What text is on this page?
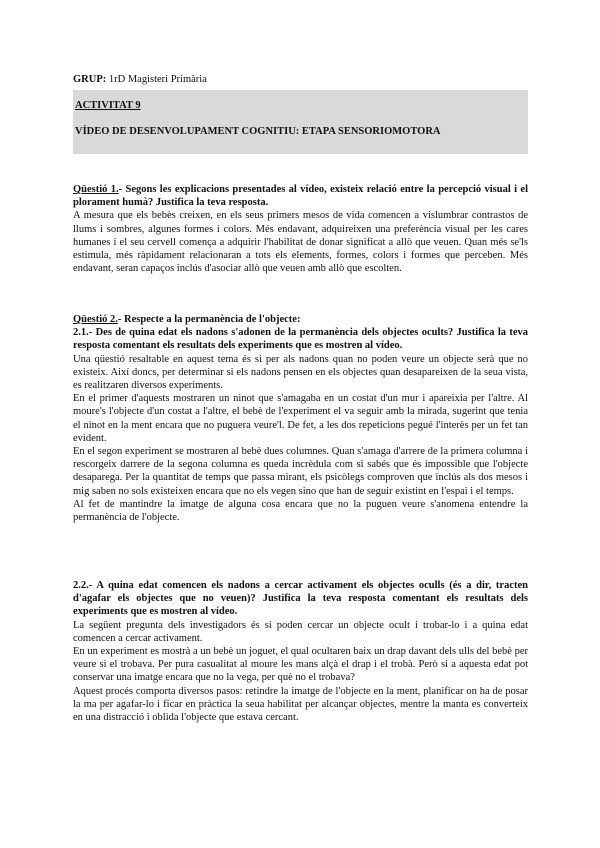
GRUP: 1rD Magisteri Primària
ACTIVITAT 9
VÍDEO DE DESENVOLUPAMENT COGNITIU: ETAPA SENSORIOMOTORA

Qüestió 1.- Segons les explicacions presentades al vídeo, existeix relació entre la percepció visual i el plorament humà? Justifica la teva resposta.

A mesura que els bebès creixen, en els seus primers mesos de vida comencen a vislumbrar contrastos de llums i sombres, algunes formes i colors. Més endavant, adquireixen una preferència visual per les cares humanes i el seu cervell comença a adquirir l'habilitat de donar significat a allò que veuen. Quan més se'ls estimula, més ràpidament relacionaran a tots els elements, formes, colors i formes que perceben. Més endavant, seran capaços inclús d'asociar allò que veuen amb allò que escolten.

Qüestió 2.- Respecte a la permanència de l'objecte:

2.1.- Des de quina edat els nadons s'adonen de la permanència dels objectes ocults? Justifica la teva resposta comentant els resultats dels experiments que es mostren al vídeo.

Una qüestió resaltable en aquest tema és si per als nadons quan no poden veure un objecte serà que no existeix. Així doncs, per determinar si els nadons pensen en els objectes quan desapareixen de la seua vista, es realitzaren diversos experiments.

En el primer d'aquests mostraren un ninot que s'amagaba en un costat d'un mur i apareixia per l'altre. Al moure's l'objecte d'un costat a l'altre, el bebè de l'experiment el va seguir amb la mirada, sugerint que tenia el ninot en la ment encara que no puguera veure'l. De fet, a les dos repeticions pegué l'interès per un fet tan evident.

En el segon experiment se mostraren al bebè dues columnes. Quan s'amaga d'arrere de la primera columna i rescorgeix darrere de la segona columna es queda incrèdula com si sabés que és impossible que l'objecte desaparega. Per la quantitat de temps que passa mirant, els psicòlegs comproven que inclús als dos mesos i mig saben no sols existeixen encara que no els vegen sino que han de seguir existint en l'espai i el temps.

Al fet de mantindre la imatge de alguna cosa encara que no la puguen veure s'anomena entendre la permanència de l'objecte.

2.2.- A quina edat comencen els nadons a cercar activament els objectes oculls (és a dir, tracten d'agafar els objectes que no veuen)? Justifica la teva resposta comentant els resultats dels experiments que es mostren al vídeo.

La següent pregunta dels investigadors és si poden cercar un objecte ocult i trobar-lo i a quina edat comencen a cercar activament.

En un experiment es mostrà a un bebè un joguet, el qual ocultaren baix un drap davant dels ulls del bebè per veure si el trobava. Per pura casualitat al moure les mans alçà el drap i el trobà. Però si a aquesta edat pot conservar una imatge encara que no la vega, per què no el trobava?

Aquest procés comporta diversos pasos: retindre la imatge de l'objecte en la ment, planificar on ha de posar la ma per agafar-lo i ficar en pràctica la seua habilitat per alcançar objectes, mentre la manta es converteix en una distracció i oblida l'objecte que estava cercant.
